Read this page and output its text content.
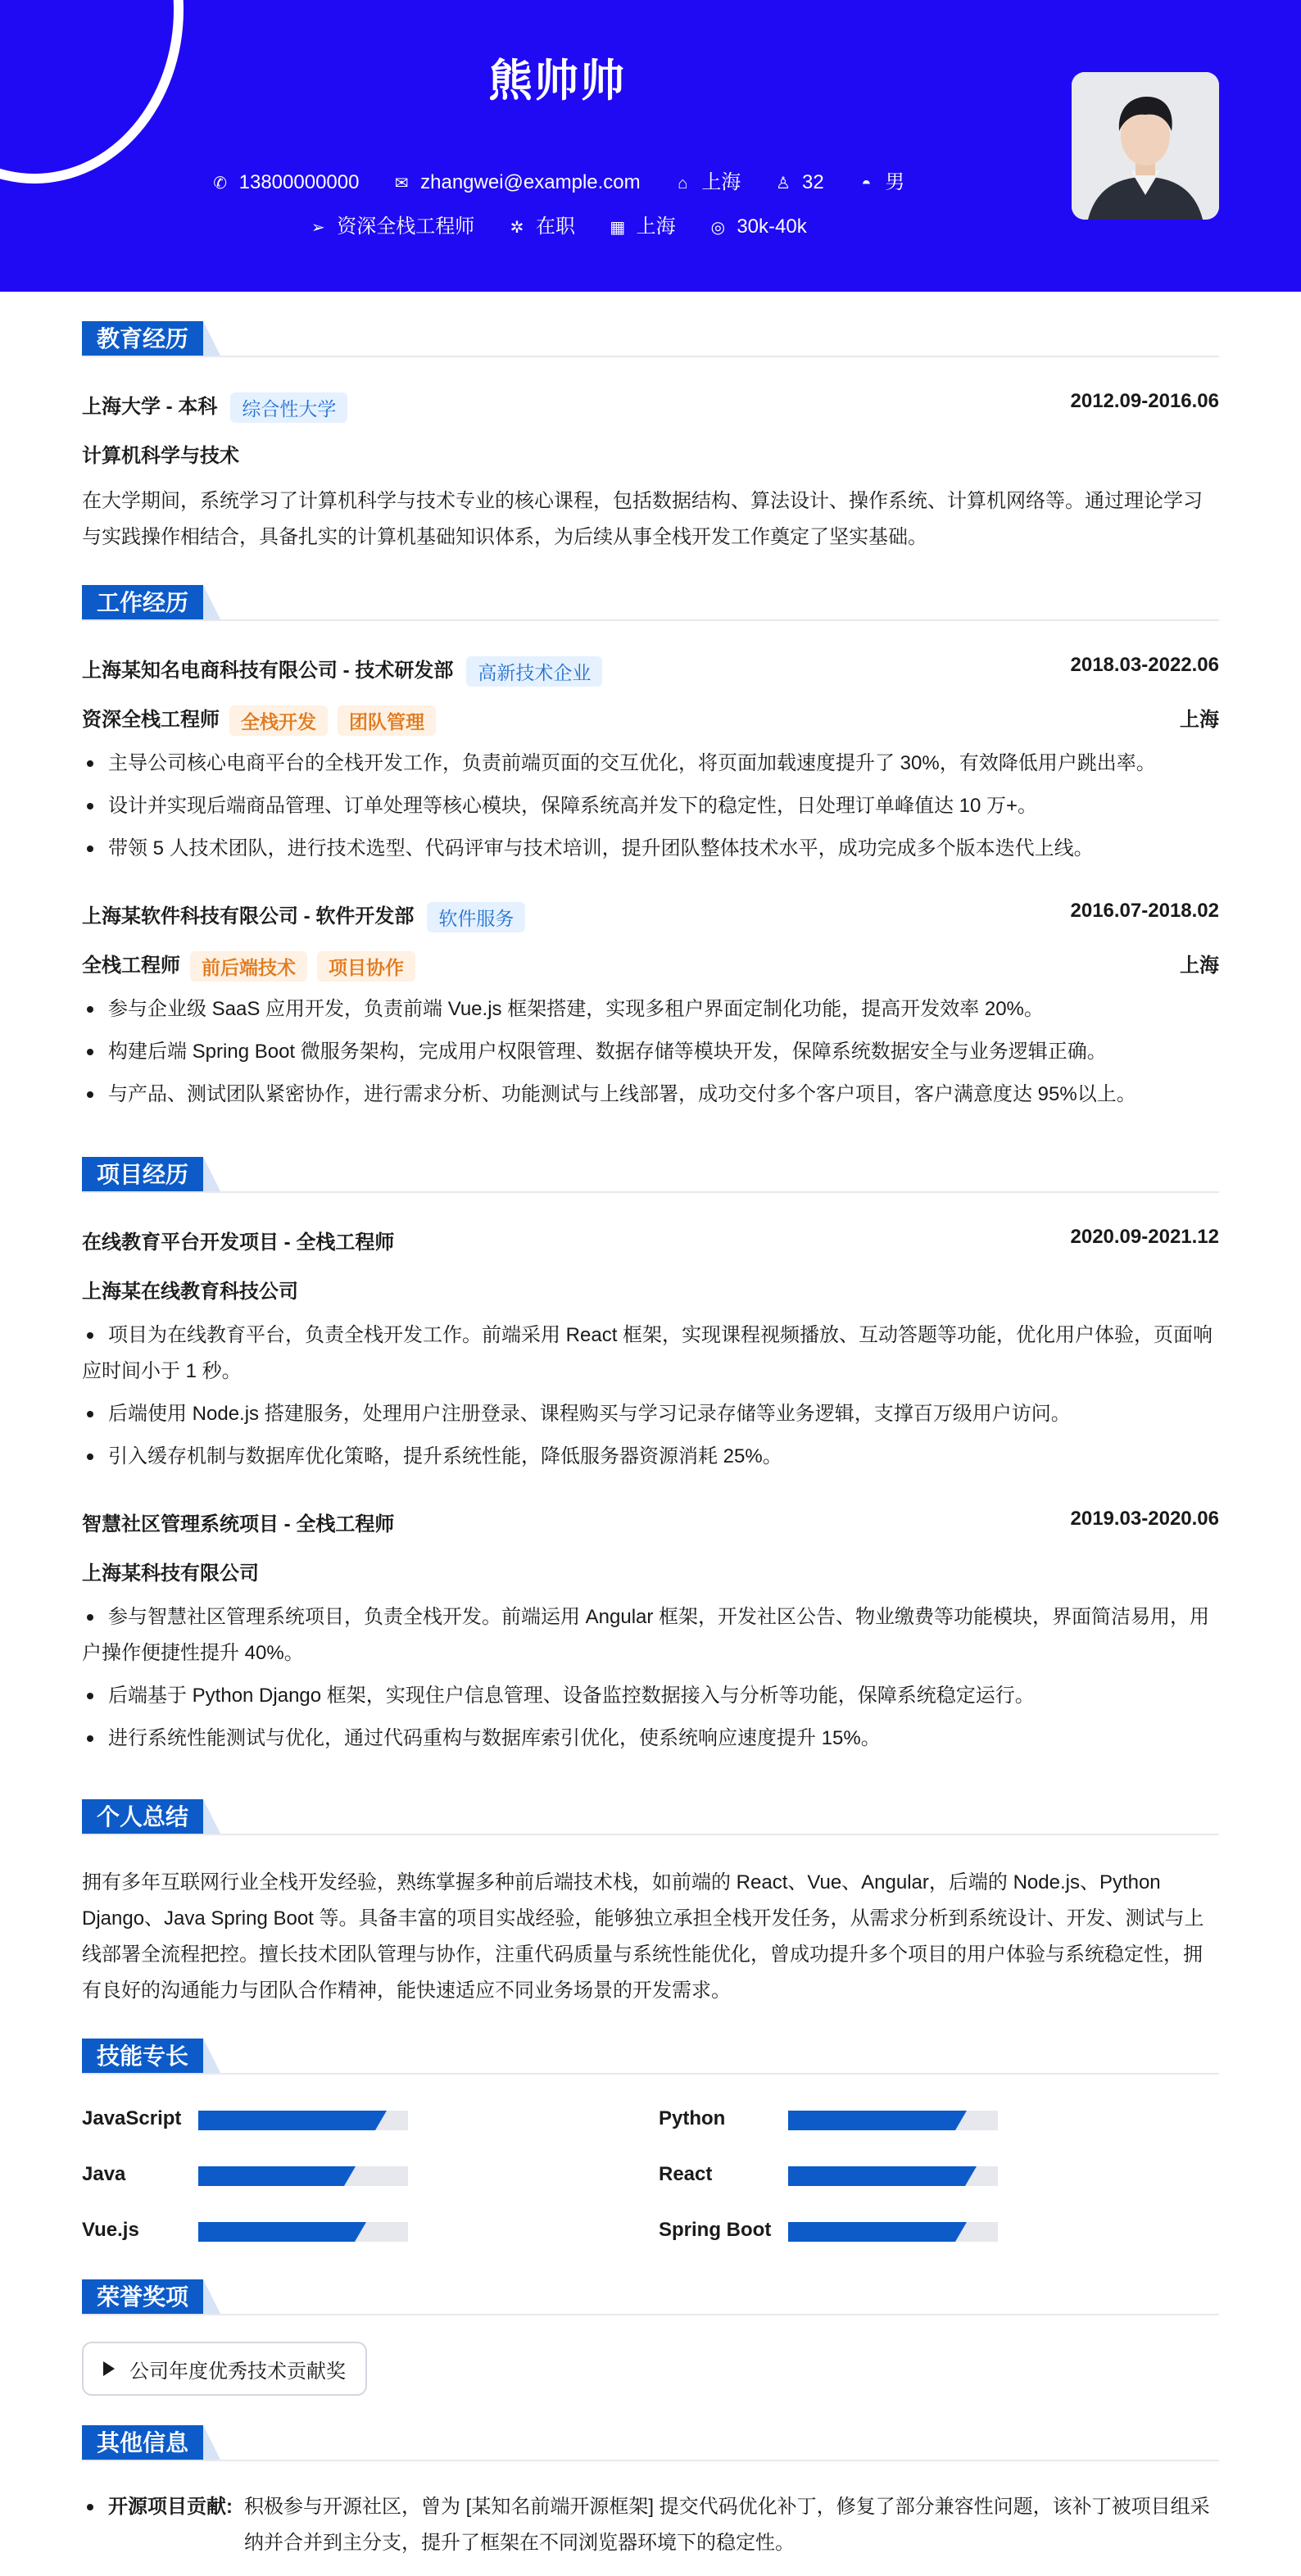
熊帅帅
✆ 13800000000 ✉ zhangwei@example.com ⌂ 上海 ♙ 32 ◓ 男
➢ 资深全栈工程师 ✲ 在职 ▦ 上海 ◎ 30k-40k
教育经历
上海大学 - 本科 综合性大学	2012.09-2016.06
计算机科学与技术
在大学期间，系统学习了计算机科学与技术专业的核心课程，包括数据结构、算法设计、操作系统、计算机网络等。通过理论学习
与实践操作相结合，具备扎实的计算机基础知识体系，为后续从事全栈开发工作奠定了坚实基础。
工作经历
上海某知名电商科技有限公司 - 技术研发部 高新技术企业	2018.03-2022.06
资深全栈工程师 全栈开发 团队管理	上海
主导公司核心电商平台的全栈开发工作，负责前端页面的交互优化，将页面加载速度提升了 30%，有效降低用户跳出率。
设计并实现后端商品管理、订单处理等核心模块，保障系统高并发下的稳定性，日处理订单峰值达 10 万+。
带领 5 人技术团队，进行技术选型、代码评审与技术培训，提升团队整体技术水平，成功完成多个版本迭代上线。
上海某软件科技有限公司 - 软件开发部 软件服务	2016.07-2018.02
全栈工程师 前后端技术 项目协作	上海
参与企业级 SaaS 应用开发，负责前端 Vue.js 框架搭建，实现多租户界面定制化功能，提高开发效率 20%。
构建后端 Spring Boot 微服务架构，完成用户权限管理、数据存储等模块开发，保障系统数据安全与业务逻辑正确。
与产品、测试团队紧密协作，进行需求分析、功能测试与上线部署，成功交付多个客户项目，客户满意度达 95%以上。
项目经历
在线教育平台开发项目 - 全栈工程师	2020.09-2021.12
上海某在线教育科技公司
项目为在线教育平台，负责全栈开发工作。前端采用 React 框架，实现课程视频播放、互动答题等功能，优化用户体验，页面响
应时间小于 1 秒。
后端使用 Node.js 搭建服务，处理用户注册登录、课程购买与学习记录存储等业务逻辑，支撑百万级用户访问。
引入缓存机制与数据库优化策略，提升系统性能，降低服务器资源消耗 25%。
智慧社区管理系统项目 - 全栈工程师	2019.03-2020.06
上海某科技有限公司
参与智慧社区管理系统项目，负责全栈开发。前端运用 Angular 框架，开发社区公告、物业缴费等功能模块，界面简洁易用，用
户操作便捷性提升 40%。
后端基于 Python Django 框架，实现住户信息管理、设备监控数据接入与分析等功能，保障系统稳定运行。
进行系统性能测试与优化，通过代码重构与数据库索引优化，使系统响应速度提升 15%。
个人总结
拥有多年互联网行业全栈开发经验，熟练掌握多种前后端技术栈，如前端的 React、Vue、Angular，后端的 Node.js、Python
Django、Java Spring Boot 等。具备丰富的项目实战经验，能够独立承担全栈开发任务，从需求分析到系统设计、开发、测试与上
线部署全流程把控。擅长技术团队管理与协作，注重代码质量与系统性能优化，曾成功提升多个项目的用户体验与系统稳定性，拥
有良好的沟通能力与团队合作精神，能快速适应不同业务场景的开发需求。
技能专长
JavaScript	Python
Java	React
Vue.js	Spring Boot
荣誉奖项
公司年度优秀技术贡献奖
其他信息
开源项目贡献: 积极参与开源社区，曾为 [某知名前端开源框架] 提交代码优化补丁，修复了部分兼容性问题，该补丁被项目组采
纳并合并到主分支，提升了框架在不同浏览器环境下的稳定性。
